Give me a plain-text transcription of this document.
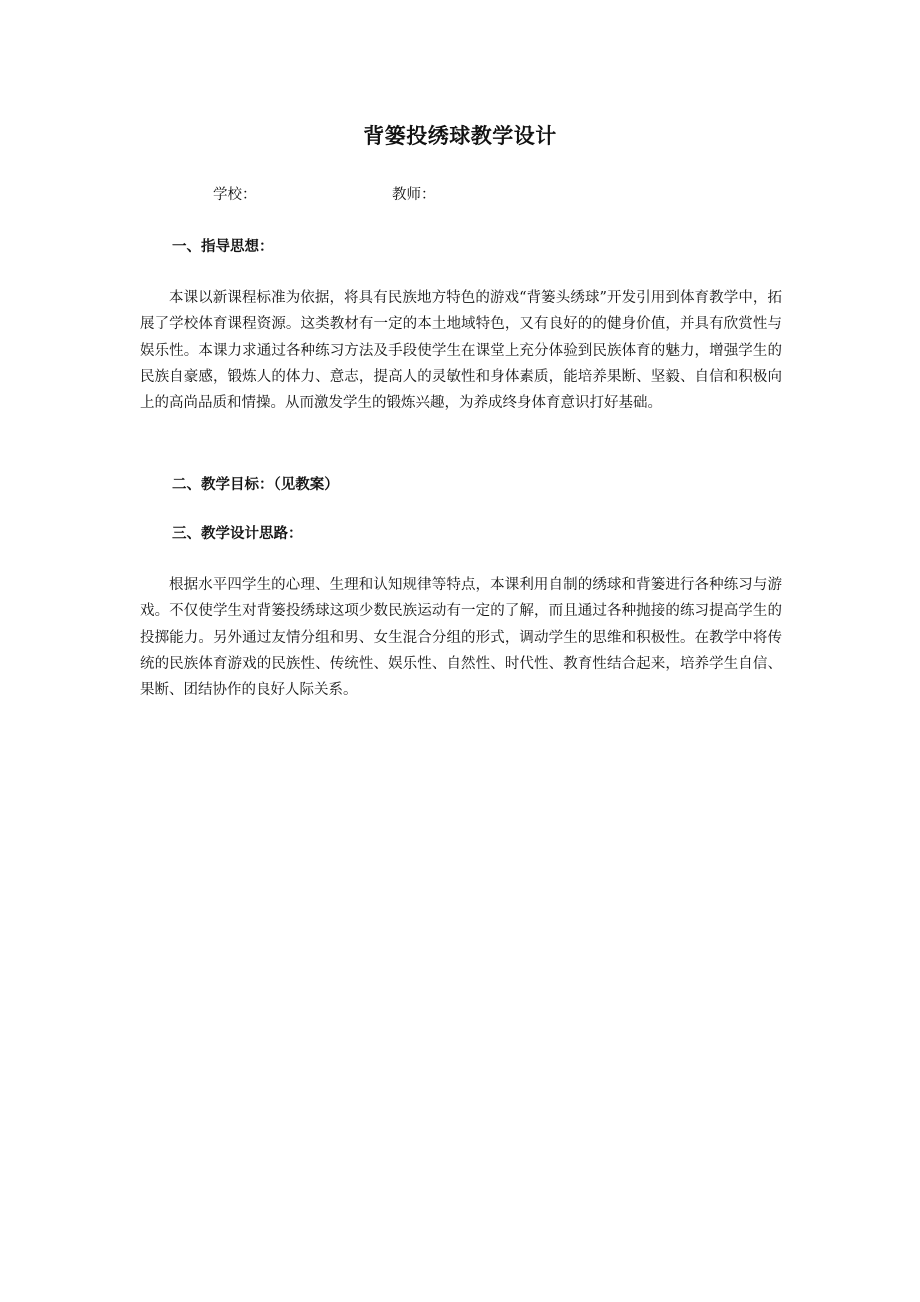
背篓投绣球教学设计
学校：	教师：
一、指导思想：

本课以新课程标准为依据，将具有民族地方特色的游戏“背篓头绣球”开发引用到体育教学中，拓展了学校体育课程资源。这类教材有一定的本土地域特色，又有良好的的健身价值，并具有欣赏性与娱乐性。本课力求通过各种练习方法及手段使学生在课堂上充分体验到民族体育的魅力，增强学生的民族自豪感，锻炼人的体力、意志，提高人的灵敏性和身体素质，能培养果断、坚毅、自信和积极向上的高尚品质和情操。从而激发学生的锻炼兴趣，为养成终身体育意识打好基础。

二、教学目标：（见教案）
三、教学设计思路：

根据水平四学生的心理、生理和认知规律等特点，本课利用自制的绣球和背篓进行各种练习与游戏。不仅使学生对背篓投绣球这项少数民族运动有一定的了解，而且通过各种抛接的练习提高学生的投掷能力。另外通过友情分组和男、女生混合分组的形式，调动学生的思维和积极性。在教学中将传统的民族体育游戏的民族性、传统性、娱乐性、自然性、时代性、教育性结合起来，培养学生自信、果断、团结协作的良好人际关系。
